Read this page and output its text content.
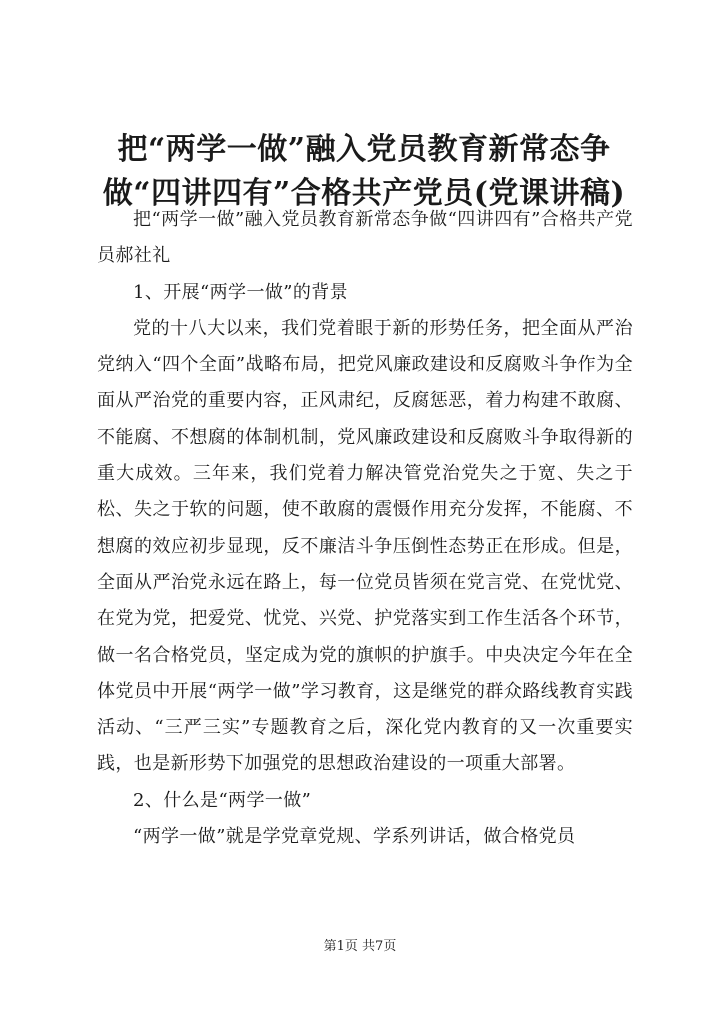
把“两学一做”融入党员教育新常态争做“四讲四有”合格共产党员(党课讲稿)

把“两学一做”融入党员教育新常态争做“四讲四有”合格共产党员郝社礼

1、开展“两学一做”的背景

党的十八大以来，我们党着眼于新的形势任务，把全面从严治党纳入“四个全面”战略布局，把党风廉政建设和反腐败斗争作为全面从严治党的重要内容，正风肃纪，反腐惩恶，着力构建不敢腐、不能腐、不想腐的体制机制，党风廉政建设和反腐败斗争取得新的重大成效。三年来，我们党着力解决管党治党失之于宽、失之于松、失之于软的问题，使不敢腐的震慑作用充分发挥，不能腐、不想腐的效应初步显现，反不廉洁斗争压倒性态势正在形成。但是，全面从严治党永远在路上，每一位党员皆须在党言党、在党忧党、在党为党，把爱党、忧党、兴党、护党落实到工作生活各个环节，做一名合格党员，坚定成为党的旗帜的护旗手。中央决定今年在全体党员中开展“两学一做”学习教育，这是继党的群众路线教育实践活动、“三严三实”专题教育之后，深化党内教育的又一次重要实践，也是新形势下加强党的思想政治建设的一项重大部署。

2、什么是“两学一做”

“两学一做”就是学党章党规、学系列讲话，做合格党员

第1页 共7页
